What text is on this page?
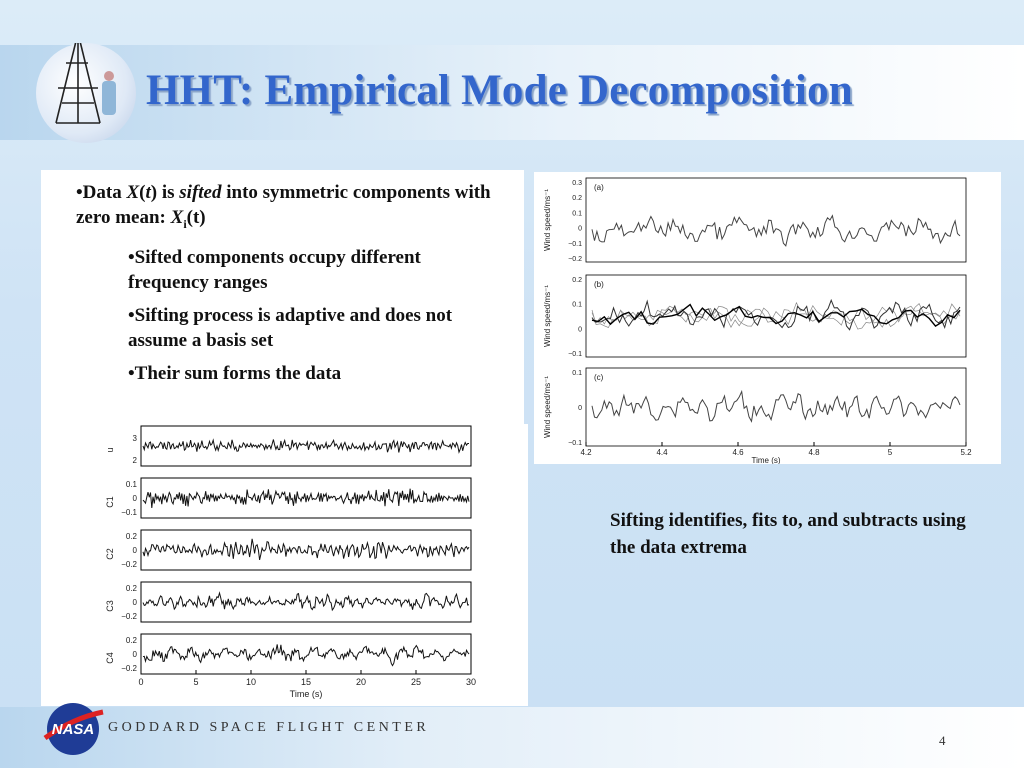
HHT: Empirical Mode Decomposition

•Data X(t) is sifted into symmetric components with zero mean: $X_i(t)$

•Sifted components occupy different frequency ranges

•Sifting process is adaptive and does not assume a basis set

•Their sum forms the data

u
3
2
C1
0.1
0
−0.1
C2
0.2
0
−0.2
C3
0.2
0
−0.2
C4
0.2
0
−0.2
0	5	10	15	20	25	30
Time (s)
(a)
Wind speed/ms⁻¹
0.3
0.2
0.1
0
−0.1
−0.2
(b)
Wind speed/ms⁻¹
0.2
0.1
0
−0.1
(c)
Wind speed/ms⁻¹
0.1
0
−0.1
4.2	4.4	4.6	4.8	5	5.2
Time (s)
Sifting identifies, fits to, and subtracts using the data extrema
NASA GODDARD SPACE FLIGHT CENTER
4
